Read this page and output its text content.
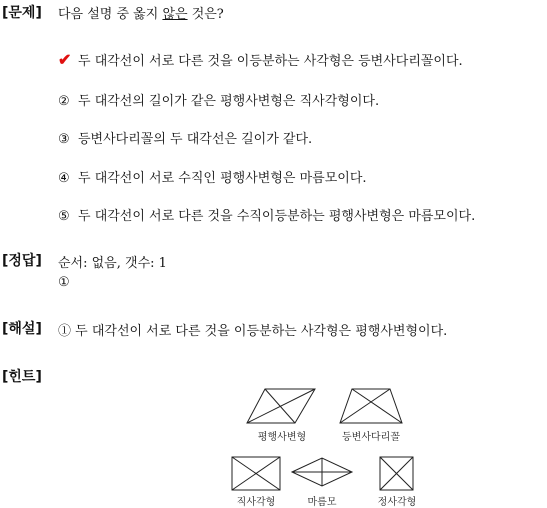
[문제] 다음 설명 중 옳지 않은 것은?
✔ 두 대각선이 서로 다른 것을 이등분하는 사각형은 등변사다리꼴이다.
② 두 대각선의 길이가 같은 평행사변형은 직사각형이다.
③ 등변사다리꼴의 두 대각선은 길이가 같다.
④ 두 대각선이 서로 수직인 평행사변형은 마름모이다.
⑤ 두 대각선이 서로 다른 것을 수직이등분하는 평행사변형은 마름모이다.
[정답] 순서: 없음, 갯수: 1
①
[해설] ① 두 대각선이 서로 다른 것을 이등분하는 사각형은 평행사변형이다.
[힌트]
평행사변형	등변사다리꼴
직사각형	마름모	정사각형
